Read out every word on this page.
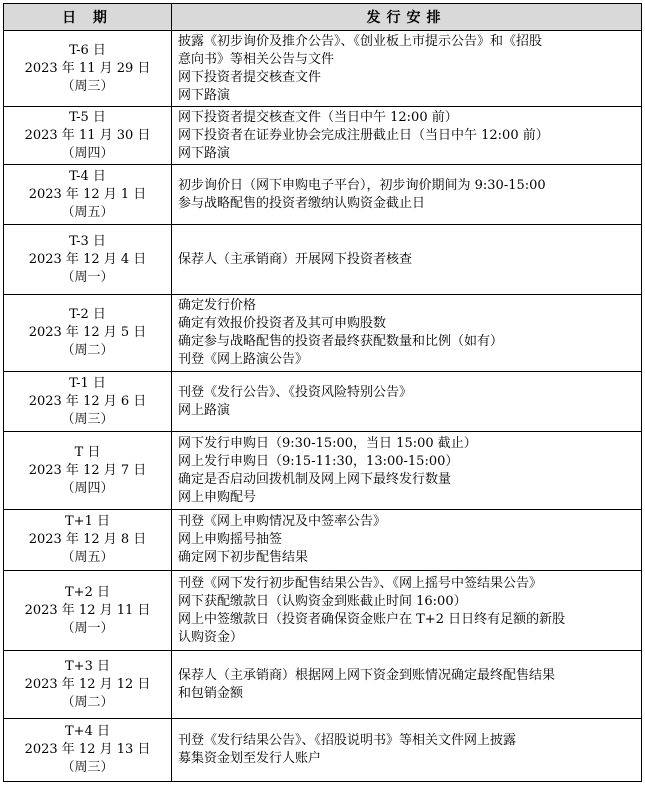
日 期	发行安排

T-6 日
2023 年 11 月 29 日
（周三）	披露《初步询价及推介公告》、《创业板上市提示公告》和《招股
意向书》等相关公告与文件
网下投资者提交核查文件
网下路演

T-5 日
2023 年 11 月 30 日
（周四）	网下投资者提交核查文件（当日中午 12:00 前）
网下投资者在证券业协会完成注册截止日（当日中午 12:00 前）
网下路演

T-4 日
2023 年 12 月 1 日
（周五）	初步询价日（网下申购电子平台），初步询价期间为 9:30-15:00
参与战略配售的投资者缴纳认购资金截止日

T-3 日
2023 年 12 月 4 日
（周一）	保荐人（主承销商）开展网下投资者核查

T-2 日
2023 年 12 月 5 日
（周二）	确定发行价格
确定有效报价投资者及其可申购股数
确定参与战略配售的投资者最终获配数量和比例（如有）
刊登《网上路演公告》

T-1 日
2023 年 12 月 6 日
（周三）	刊登《发行公告》、《投资风险特别公告》
网上路演

T 日
2023 年 12 月 7 日
（周四）	网下发行申购日（9:30-15:00，当日 15:00 截止）
网上发行申购日（9:15-11:30，13:00-15:00）
确定是否启动回拨机制及网上网下最终发行数量
网上申购配号

T+1 日
2023 年 12 月 8 日
（周五）	刊登《网上申购情况及中签率公告》
网上申购摇号抽签
确定网下初步配售结果

T+2 日
2023 年 12 月 11 日
（周一）	刊登《网下发行初步配售结果公告》、《网上摇号中签结果公告》
网下获配缴款日（认购资金到账截止时间 16:00）
网上中签缴款日（投资者确保资金账户在 T+2 日日终有足额的新股
认购资金）

T+3 日
2023 年 12 月 12 日
（周二）	保荐人（主承销商）根据网上网下资金到账情况确定最终配售结果
和包销金额

T+4 日
2023 年 12 月 13 日
（周三）	刊登《发行结果公告》、《招股说明书》等相关文件网上披露
募集资金划至发行人账户
